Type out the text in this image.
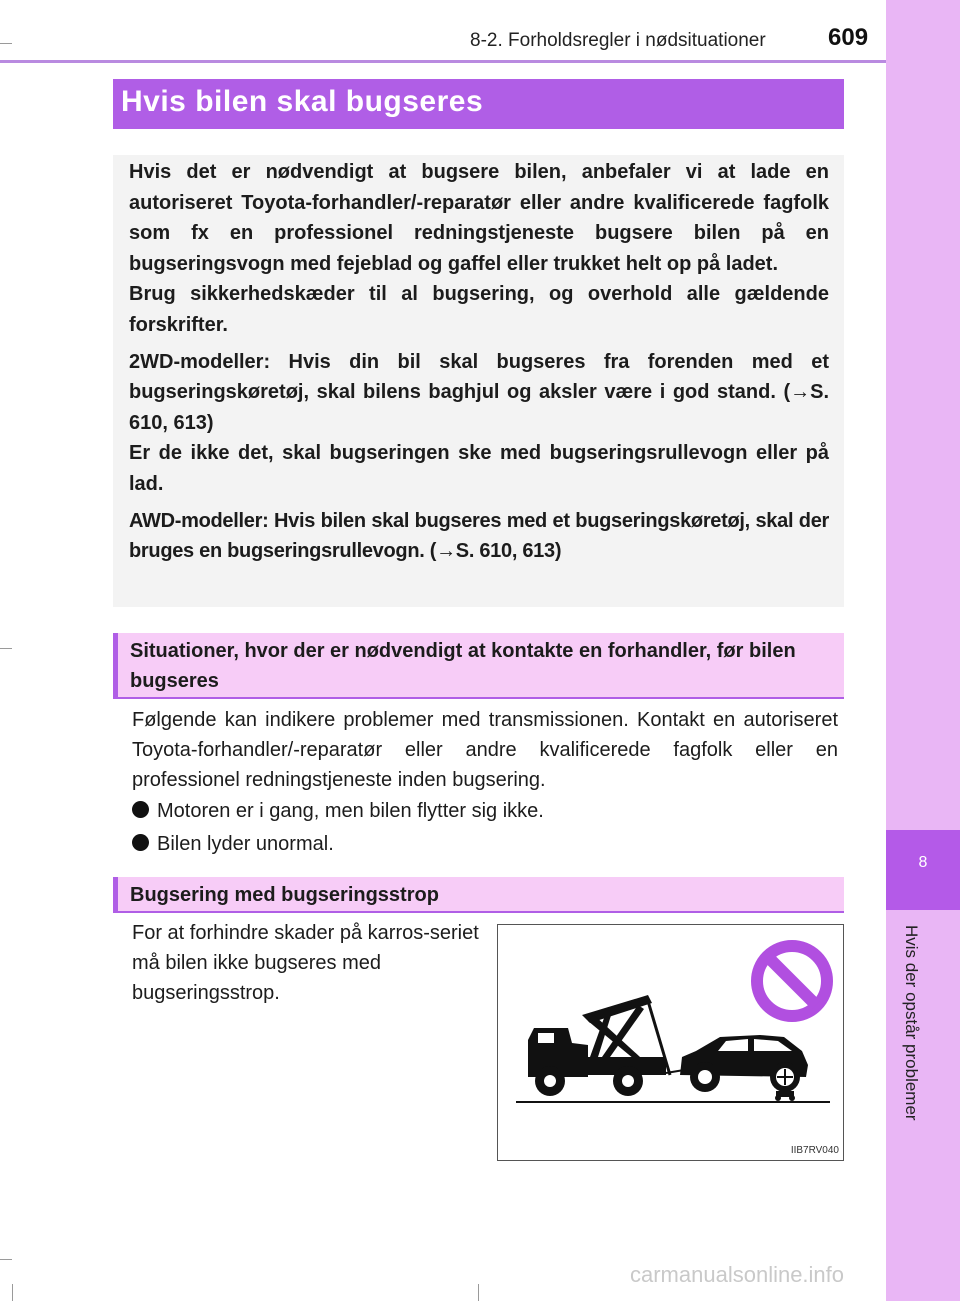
8-2. Forholdsregler i nødsituationer	609
8
Hvis der opstår problemer
Hvis bilen skal bugseres

Hvis det er nødvendigt at bugsere bilen, anbefaler vi at lade en autoriseret Toyota-forhandler/-reparatør eller andre kvalificerede fagfolk som fx en professionel redningstjeneste bugsere bilen på en bugseringsvogn med fejeblad og gaffel eller trukket helt op på ladet.

Brug sikkerhedskæder til al bugsering, og overhold alle gældende forskrifter.

2WD-modeller: Hvis din bil skal bugseres fra forenden med et bugseringskøretøj, skal bilens baghjul og aksler være i god stand. (→S. 610, 613)

Er de ikke det, skal bugseringen ske med bugseringsrullevogn eller på lad.

AWD-modeller: Hvis bilen skal bugseres med et bugseringskøretøj, skal der bruges en bugseringsrullevogn. (→S. 610, 613)

Situationer, hvor der er nødvendigt at kontakte en forhandler, før bilen bugseres
Følgende kan indikere problemer med transmissionen. Kontakt en autoriseret Toyota-forhandler/-reparatør eller andre kvalificerede fagfolk eller en professionel redningstjeneste inden bugsering.
Motoren er i gang, men bilen flytter sig ikke.
Bilen lyder unormal.
Bugsering med bugseringsstrop
For at forhindre skader på karros-seriet må bilen ikke bugseres med bugseringsstrop.
IIB7RV040
carmanualsonline.info
